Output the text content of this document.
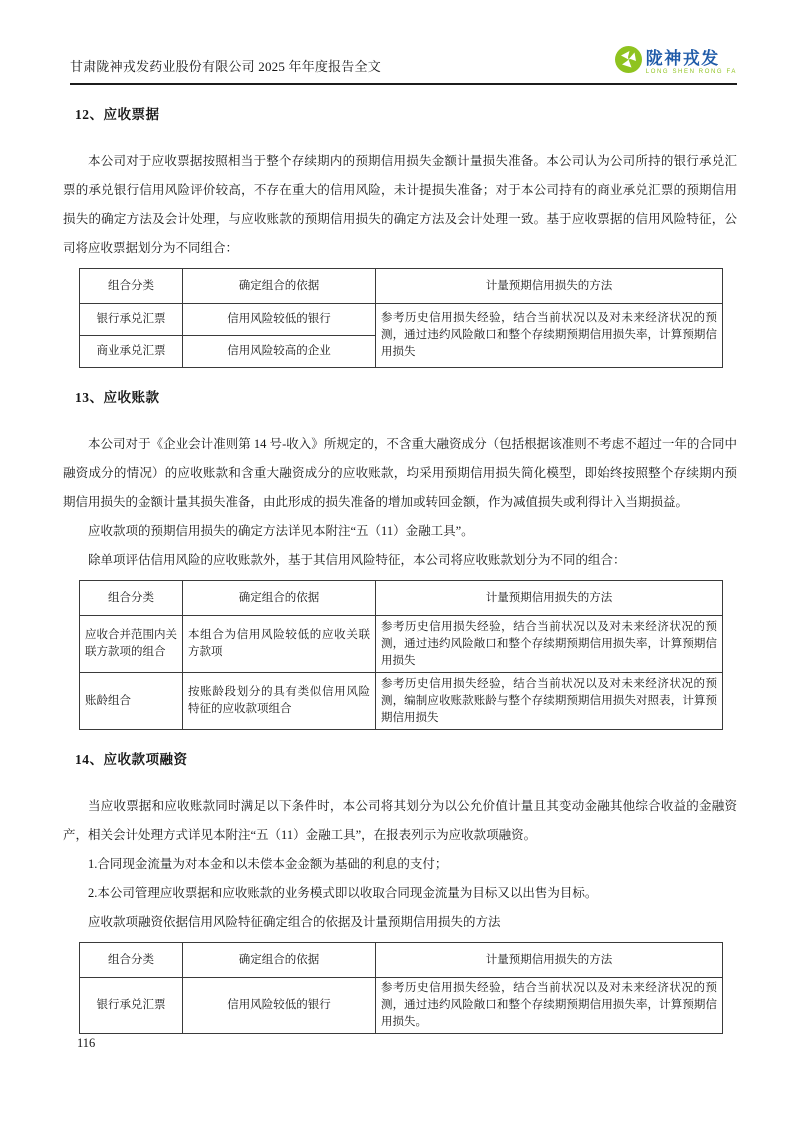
甘肃陇神戎发药业股份有限公司 2025 年年度报告全文	陇神戎发
LONG SHEN RONG FA
12、应收票据

本公司对于应收票据按照相当于整个存续期内的预期信用损失金额计量损失准备。本公司认为公司所持的银行承兑汇票的承兑银行信用风险评价较高，不存在重大的信用风险，未计提损失准备；对于本公司持有的商业承兑汇票的预期信用损失的确定方法及会计处理，与应收账款的预期信用损失的确定方法及会计处理一致。基于应收票据的信用风险特征，公司将应收票据划分为不同组合：

组合分类	确定组合的依据	计量预期信用损失的方法
银行承兑汇票	信用风险较低的银行	参考历史信用损失经验，结合当前状况以及对未来经济状况的预测，通过违约风险敞口和整个存续期预期信用损失率，计算预期信用损失
商业承兑汇票	信用风险较高的企业	
13、应收账款

本公司对于《企业会计准则第 14 号-收入》所规定的，不含重大融资成分（包括根据该准则不考虑不超过一年的合同中融资成分的情况）的应收账款和含重大融资成分的应收账款，均采用预期信用损失简化模型，即始终按照整个存续期内预期信用损失的金额计量其损失准备，由此形成的损失准备的增加或转回金额，作为减值损失或利得计入当期损益。

应收款项的预期信用损失的确定方法详见本附注“五（11）金融工具”。

除单项评估信用风险的应收账款外，基于其信用风险特征，本公司将应收账款划分为不同的组合：

组合分类	确定组合的依据	计量预期信用损失的方法
应收合并范围内关联方款项的组合	本组合为信用风险较低的应收关联方款项	参考历史信用损失经验，结合当前状况以及对未来经济状况的预测，通过违约风险敞口和整个存续期预期信用损失率，计算预期信用损失
账龄组合	按账龄段划分的具有类似信用风险特征的应收款项组合	参考历史信用损失经验，结合当前状况以及对未来经济状况的预测，编制应收账款账龄与整个存续期预期信用损失对照表，计算预期信用损失
14、应收款项融资

当应收票据和应收账款同时满足以下条件时，本公司将其划分为以公允价值计量且其变动金融其他综合收益的金融资产，相关会计处理方式详见本附注“五（11）金融工具”，在报表列示为应收款项融资。

1.合同现金流量为对本金和以未偿本金金额为基础的利息的支付；

2.本公司管理应收票据和应收账款的业务模式即以收取合同现金流量为目标又以出售为目标。

应收款项融资依据信用风险特征确定组合的依据及计量预期信用损失的方法

组合分类	确定组合的依据	计量预期信用损失的方法
银行承兑汇票	信用风险较低的银行	参考历史信用损失经验，结合当前状况以及对未来经济状况的预测，通过违约风险敞口和整个存续期预期信用损失率，计算预期信用损失。
116
